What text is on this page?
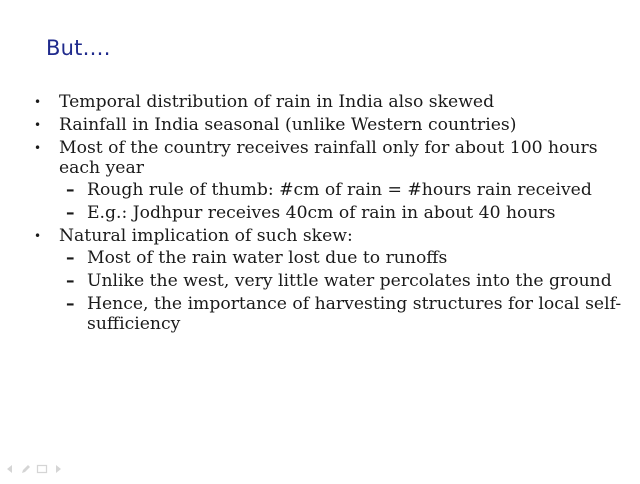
But….
• Temporal distribution of rain in India also skewed
• Rainfall in India seasonal (unlike Western countries)
• Most of the country receives rainfall only for about 100 hours each year
– Rough rule of thumb: #cm of rain = #hours rain received
– E.g.: Jodhpur receives 40cm of rain in about 40 hours
• Natural implication of such skew:
– Most of the rain water lost due to runoffs
– Unlike the west, very little water percolates into the ground
– Hence, the importance of harvesting structures for local self-sufficiency
